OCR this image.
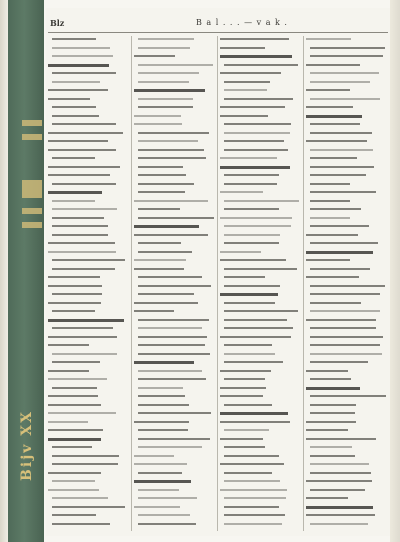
Bijv XX
Blz	B a l . . . — v a k .
